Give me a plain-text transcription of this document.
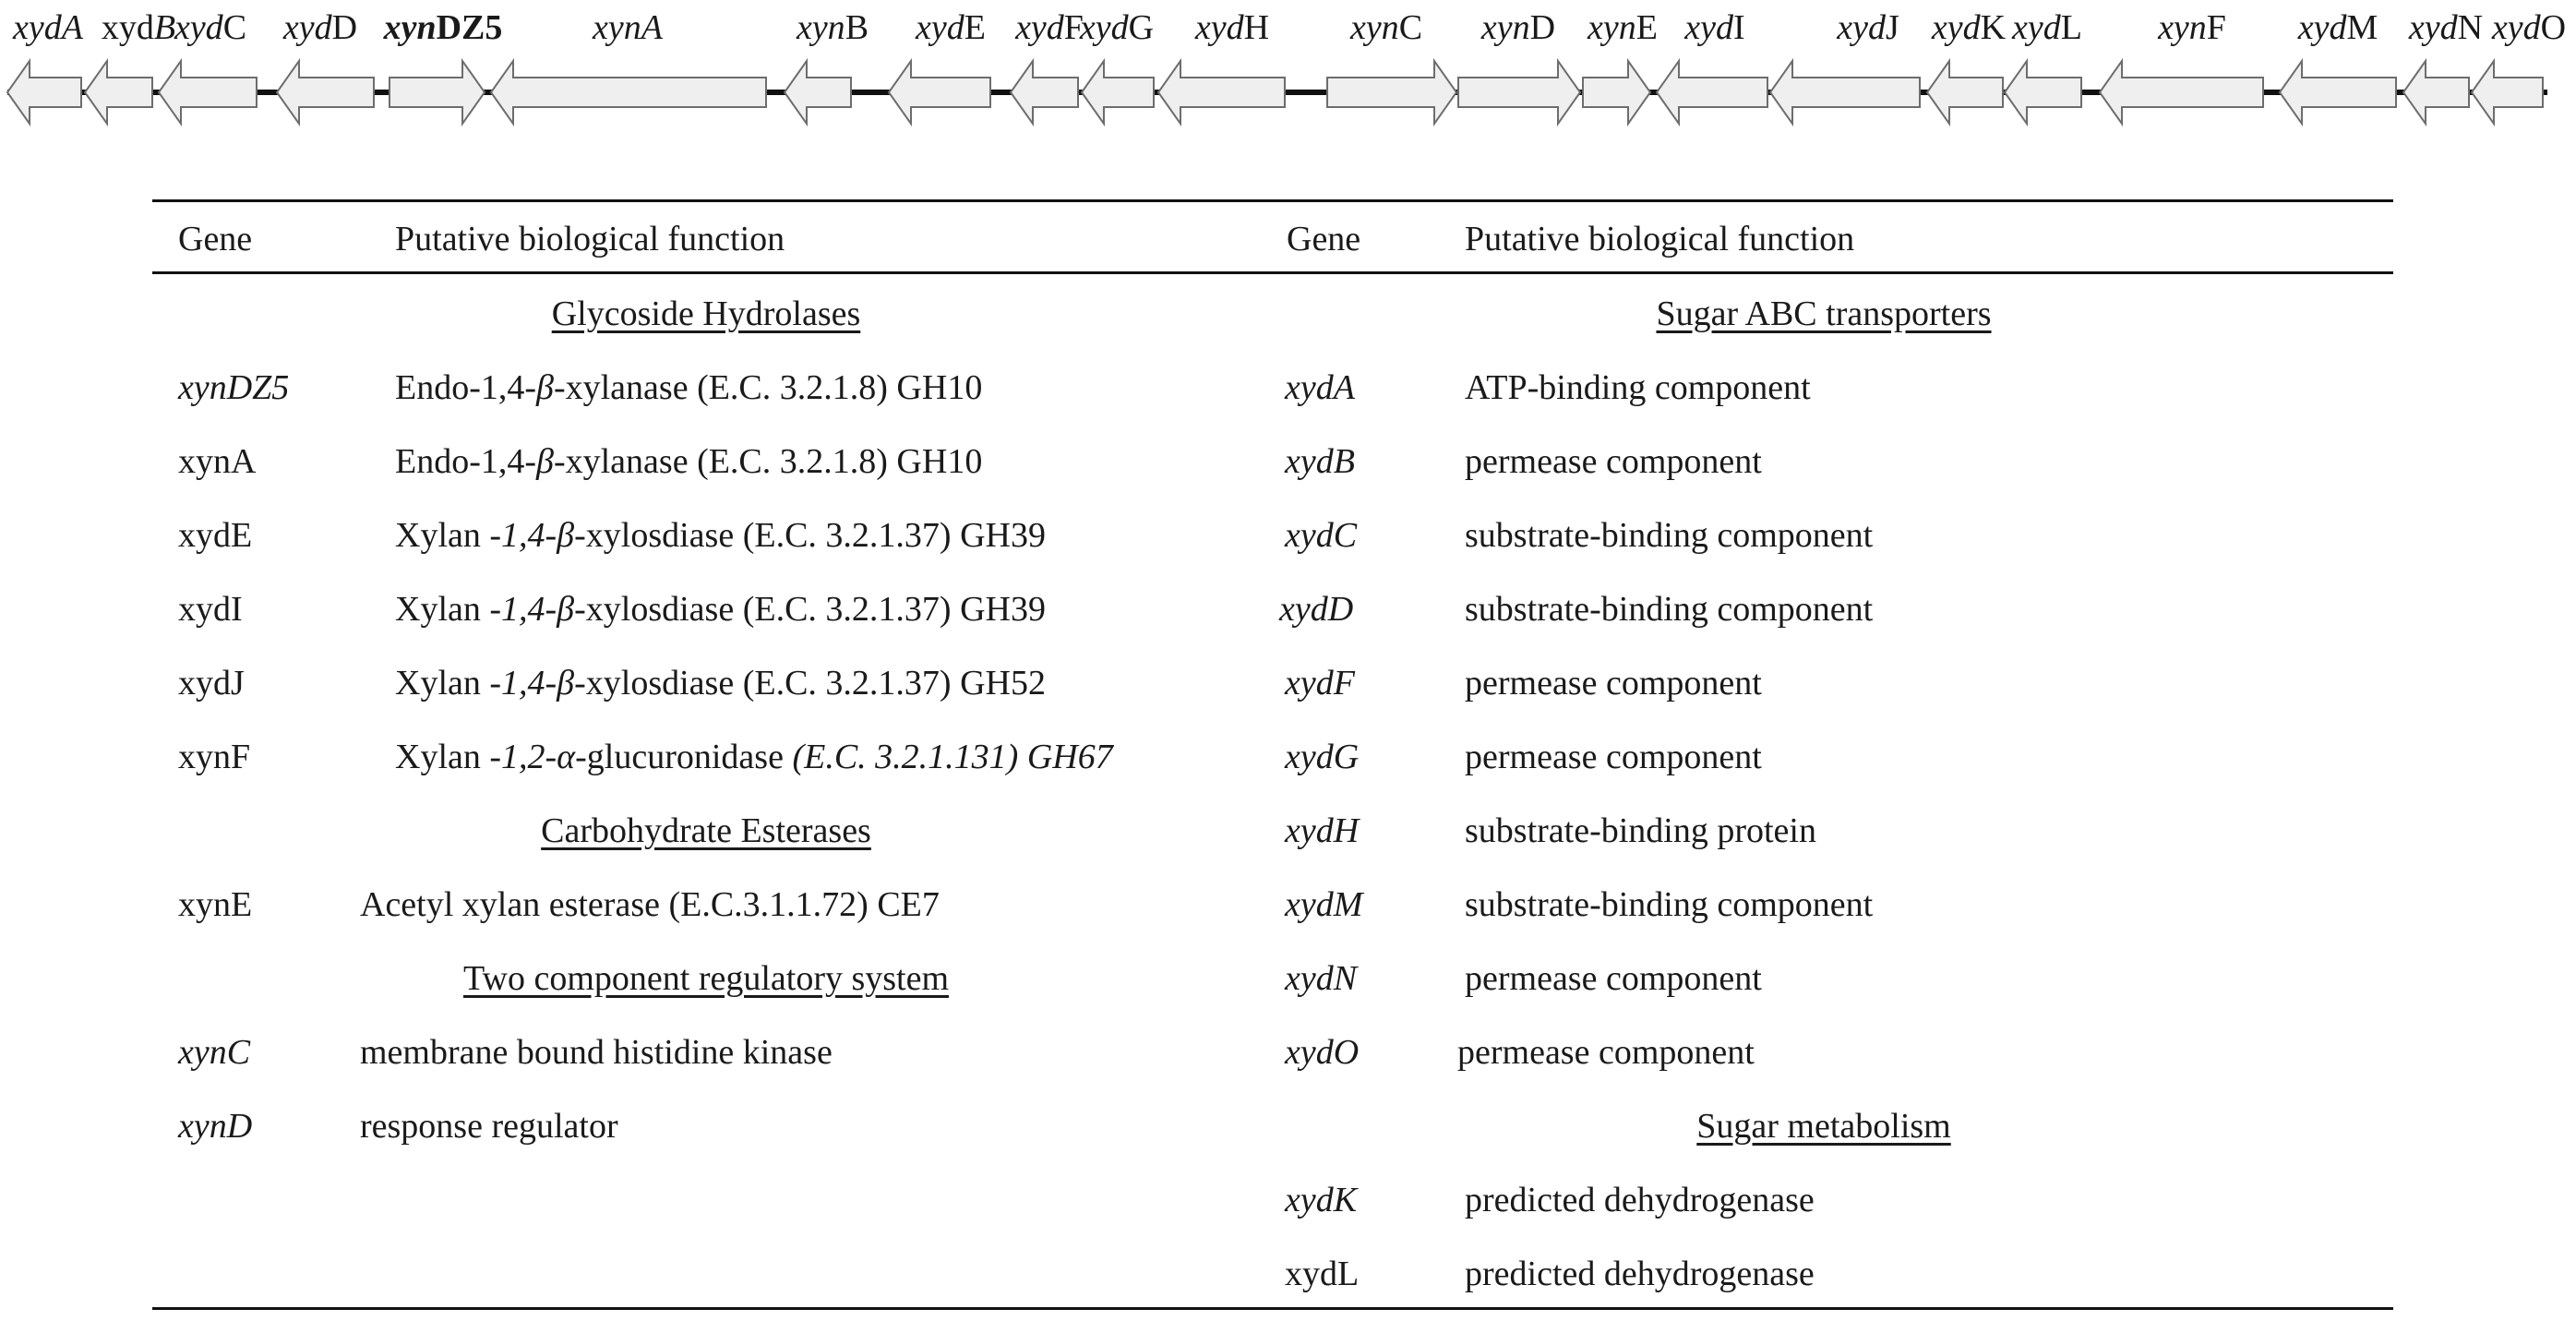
xydA xydB
xydC xydD xynDZ5	xynA	xynB xydE xydF
xydG xydH xynC xynD xynE xydI	xydJ xydK xydL xynF xydM xydN xydO
Gene	Putative biological function	Gene	Putative biological function
Glycoside Hydrolases
xynDZ5	Endo-1,4-β-xylanase (E.C. 3.2.1.8) GH10
xynA	Endo-1,4-β-xylanase (E.C. 3.2.1.8) GH10
xydE	Xylan -1,4-β-xylosdiase (E.C. 3.2.1.37) GH39
xydI	Xylan -1,4-β-xylosdiase (E.C. 3.2.1.37) GH39
xydJ	Xylan -1,4-β-xylosdiase (E.C. 3.2.1.37) GH52
xynF	Xylan -1,2-α-glucuronidase (E.C. 3.2.1.131) GH67
Carbohydrate Esterases
xynE	Acetyl xylan esterase (E.C.3.1.1.72) CE7
Two component regulatory system
xynC	membrane bound histidine kinase
xynD	response regulator
Sugar ABC transporters
xydA	ATP-binding component
xydB	permease component
xydC	substrate-binding component
xydD	substrate-binding component
xydF	permease component
xydG	permease component
xydH	substrate-binding protein
xydM	substrate-binding component
xydN	permease component
xydO	permease component
Sugar metabolism
xydK	predicted dehydrogenase
xydL	predicted dehydrogenase
